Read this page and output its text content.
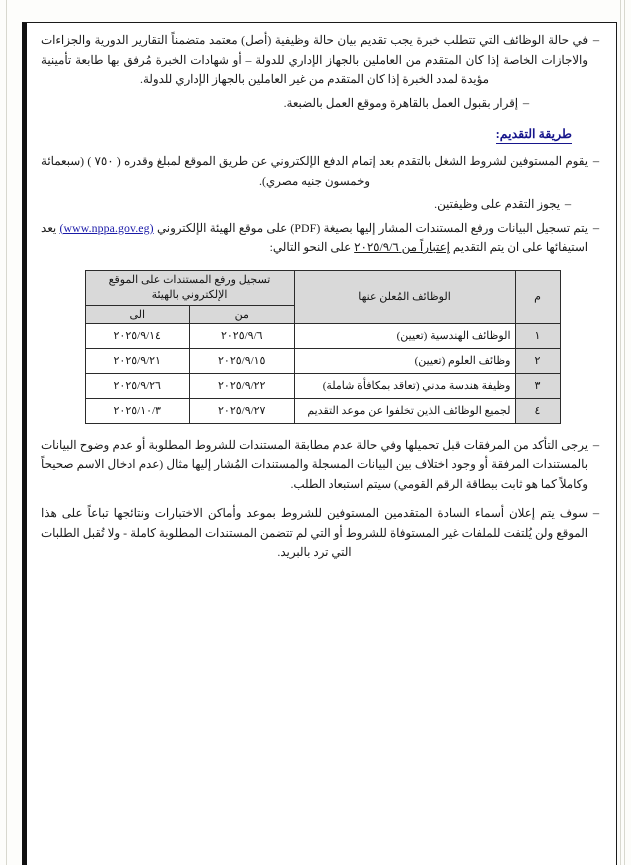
–
في حالة الوظائف التي تتطلب خبرة يجب تقديم بيان حالة وظيفية (أصل) معتمد متضمناً التقارير الدورية والجزاءات والاجازات الخاصة إذا كان المتقدم من العاملين بالجهاز الإداري للدولة – أو شهادات الخبرة مُرفق بها طابعة تأمينية مؤيدة لمدد الخبرة إذا كان المتقدم من غير العاملين بالجهاز الإداري للدولة.
–
إقرار بقبول العمل بالقاهرة وموقع العمل بالضبعة.
طريقة التقديم:
–
يقوم المستوفين لشروط الشغل بالتقدم بعد إتمام الدفع الإلكتروني عن طريق الموقع لمبلغ وقدره ( ٧٥٠ ) (سبعمائة وخمسون جنيه مصري).
–
يجوز التقدم على وظيفتين.
–
يتم تسجيل البيانات ورفع المستندات المشار إليها بصيغة (PDF) على موقع الهيئة الإلكتروني (www.nppa.gov.eg) يعد استيفائها على ان يتم التقديم إعتباراً من ٢٠٢٥/٩/٦ على النحو التالي:
م	الوظائف المُعلن عنها	تسجيل ورفع المستندات على الموقع الإلكتروني بالهيئة	
		من	الى
١	الوظائف الهندسية (تعيين)	٢٠٢٥/٩/٦	٢٠٢٥/٩/١٤
٢	وظائف العلوم (تعيين)	٢٠٢٥/٩/١٥	٢٠٢٥/٩/٢١
٣	وظيفة هندسة مدني (تعاقد بمكافأة شاملة)	٢٠٢٥/٩/٢٢	٢٠٢٥/٩/٢٦
٤	لجميع الوظائف الذين تخلفوا عن موعد التقديم	٢٠٢٥/٩/٢٧	٢٠٢٥/١٠/٣
–
يرجى التأكد من المرفقات قبل تحميلها وفي حالة عدم مطابقة المستندات للشروط المطلوبة أو عدم وضوح البيانات بالمستندات المرفقة أو وجود اختلاف بين البيانات المسجلة والمستندات المُشار إليها مثال (عدم ادخال الاسم صحيحاً وكاملاً كما هو ثابت ببطاقة الرقم القومي) سيتم استبعاد الطلب.
–
سوف يتم إعلان أسماء السادة المتقدمين المستوفين للشروط بموعد وأماكن الاختبارات ونتائجها تباعاً على هذا الموقع ولن يُلتفت للملفات غير المستوفاة للشروط أو التي لم تتضمن المستندات المطلوبة كاملة - ولا تُقبل الطلبات التي ترد بالبريد.
